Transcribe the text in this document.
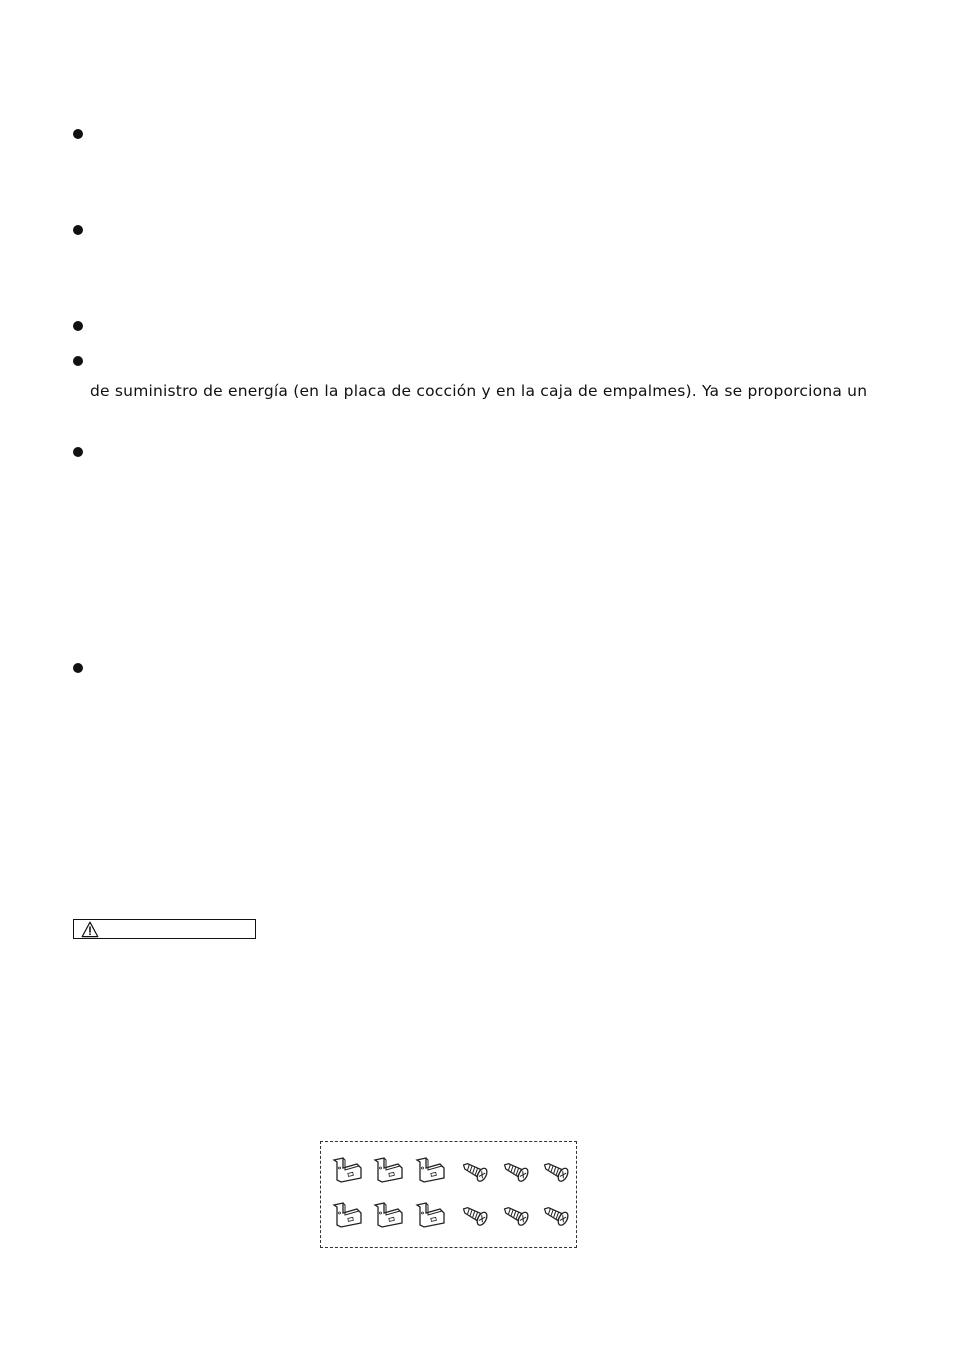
de suministro de energía (en la placa de cocción y en la caja de empalmes). Ya se proporciona un
